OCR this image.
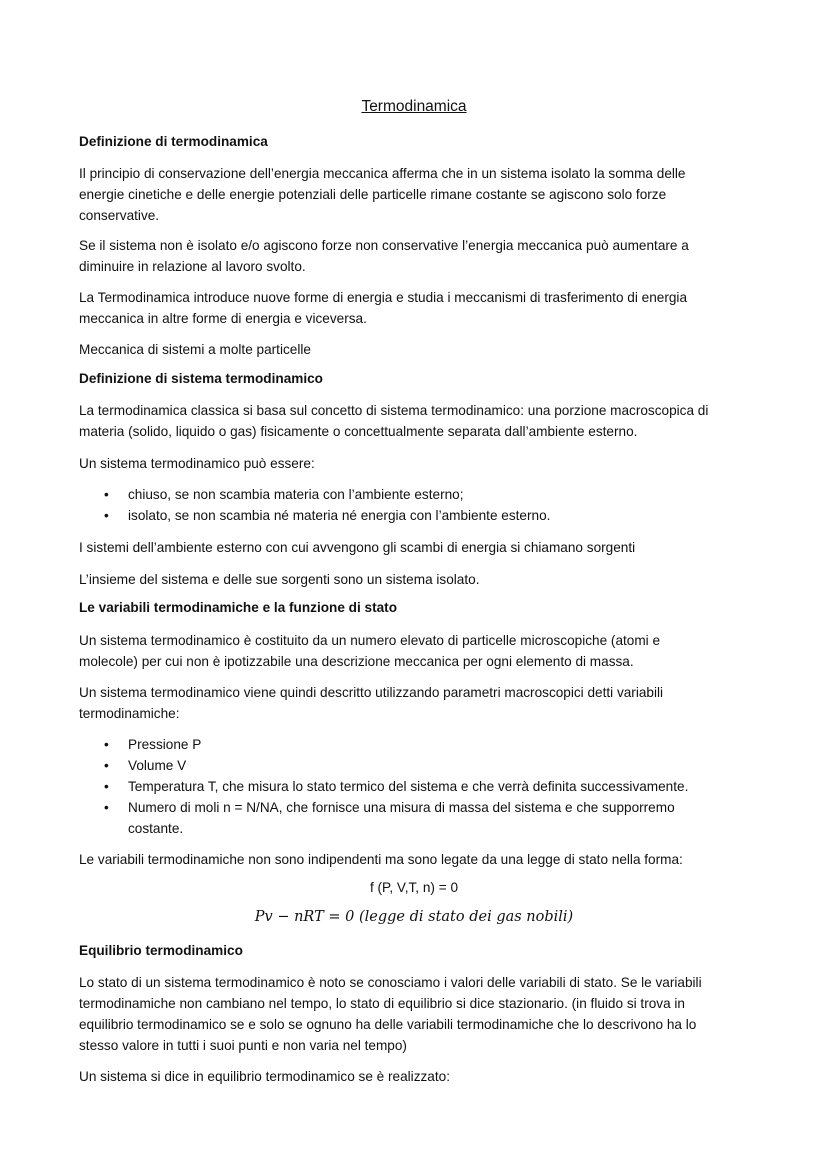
Termodinamica
Definizione di termodinamica
Il principio di conservazione dell’energia meccanica afferma che in un sistema isolato la somma delle
energie cinetiche e delle energie potenziali delle particelle rimane costante se agiscono solo forze
conservative.
Se il sistema non è isolato e/o agiscono forze non conservative l’energia meccanica può aumentare a
diminuire in relazione al lavoro svolto.
La Termodinamica introduce nuove forme di energia e studia i meccanismi di trasferimento di energia
meccanica in altre forme di energia e viceversa.
Meccanica di sistemi a molte particelle
Definizione di sistema termodinamico
La termodinamica classica si basa sul concetto di sistema termodinamico: una porzione macroscopica di
materia (solido, liquido o gas) fisicamente o concettualmente separata dall’ambiente esterno.
Un sistema termodinamico può essere:
•	chiuso, se non scambia materia con l’ambiente esterno;
•	isolato, se non scambia né materia né energia con l’ambiente esterno.
I sistemi dell’ambiente esterno con cui avvengono gli scambi di energia si chiamano sorgenti
L’insieme del sistema e delle sue sorgenti sono un sistema isolato.
Le variabili termodinamiche e la funzione di stato
Un sistema termodinamico è costituito da un numero elevato di particelle microscopiche (atomi e
molecole) per cui non è ipotizzabile una descrizione meccanica per ogni elemento di massa.
Un sistema termodinamico viene quindi descritto utilizzando parametri macroscopici detti variabili
termodinamiche:
•	Pressione P
•	Volume V
•	Temperatura T, che misura lo stato termico del sistema e che verrà definita successivamente.
•	Numero di moli n = N/NA, che fornisce una misura di massa del sistema e che supporremo
costante.
Le variabili termodinamiche non sono indipendenti ma sono legate da una legge di stato nella forma:
f (P, V,T, n) = 0
Pv − nRT = 0 (legge di stato dei gas nobili)
Equilibrio termodinamico
Lo stato di un sistema termodinamico è noto se conosciamo i valori delle variabili di stato. Se le variabili
termodinamiche non cambiano nel tempo, lo stato di equilibrio si dice stazionario. (in fluido si trova in
equilibrio termodinamico se e solo se ognuno ha delle variabili termodinamiche che lo descrivono ha lo
stesso valore in tutti i suoi punti e non varia nel tempo)
Un sistema si dice in equilibrio termodinamico se è realizzato:
